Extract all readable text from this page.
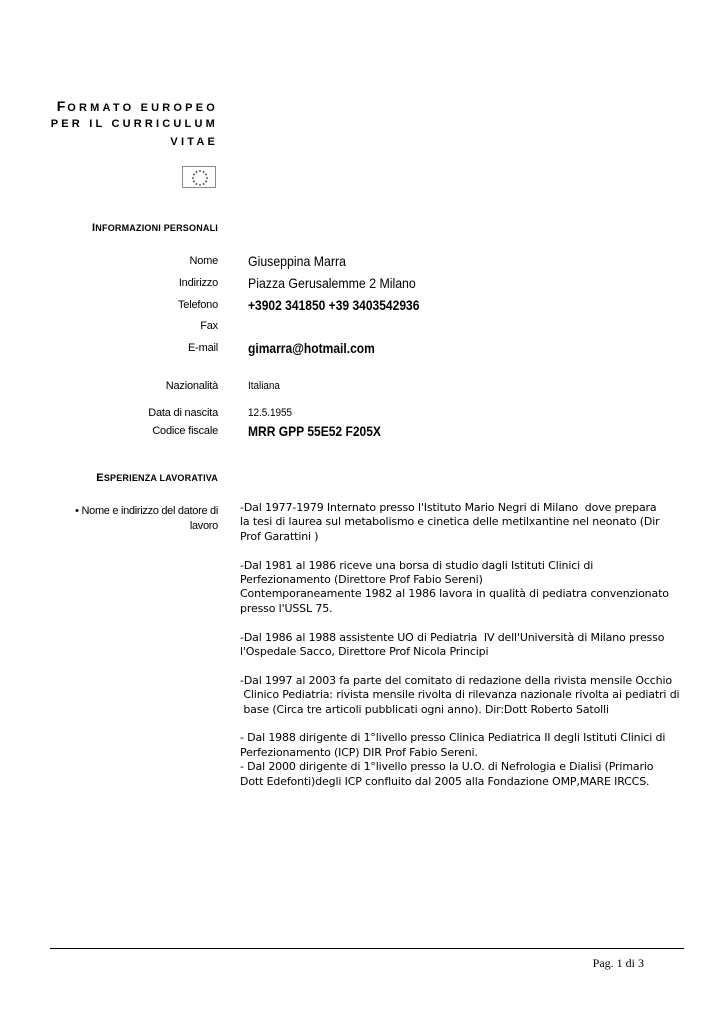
FORMATO EUROPEO
PER IL CURRICULUM
VITAE
INFORMAZIONI PERSONALI
Nome Giuseppina Marra
Indirizzo Piazza Gerusalemme 2 Milano
Telefono +3902 341850 +39 3403542936
Fax
E-mail gimarra@hotmail.com
Nazionalità	Italiana
Data di nascita	12.5.1955
Codice fiscale MRR GPP 55E52 F205X
ESPERIENZA LAVORATIVA
• Nome e indirizzo del datore di
lavoro

-Dal 1977-1979 Internato presso l'Istituto Mario Negri di Milano  dove prepara
la tesi di laurea sul metabolismo e cinetica delle metilxantine nel neonato (Dir
Prof Garattini )

-Dal 1981 al 1986 riceve una borsa di studio dagli Istituti Clinici di
Perfezionamento (Direttore Prof Fabio Sereni)
Contemporaneamente 1982 al 1986 lavora in qualità di pediatra convenzionato
presso l'USSL 75.

-Dal 1986 al 1988 assistente UO di Pediatria  IV dell'Università di Milano presso
l'Ospedale Sacco, Direttore Prof Nicola Principi

-Dal 1997 al 2003 fa parte del comitato di redazione della rivista mensile Occhio
Clinico Pediatria: rivista mensile rivolta di rilevanza nazionale rivolta ai pediatri di
base (Circa tre articoli pubblicati ogni anno). Dir:Dott Roberto Satolli

- Dal 1988 dirigente di 1°livello presso Clinica Pediatrica II degli Istituti Clinici di
Perfezionamento (ICP) DIR Prof Fabio Sereni.
- Dal 2000 dirigente di 1°livello presso la U.O. di Nefrologia e Dialisi (Primario
Dott Edefonti)degli ICP confluito dal 2005 alla Fondazione OMP,MARE IRCCS.

Pag. 1 di 3
